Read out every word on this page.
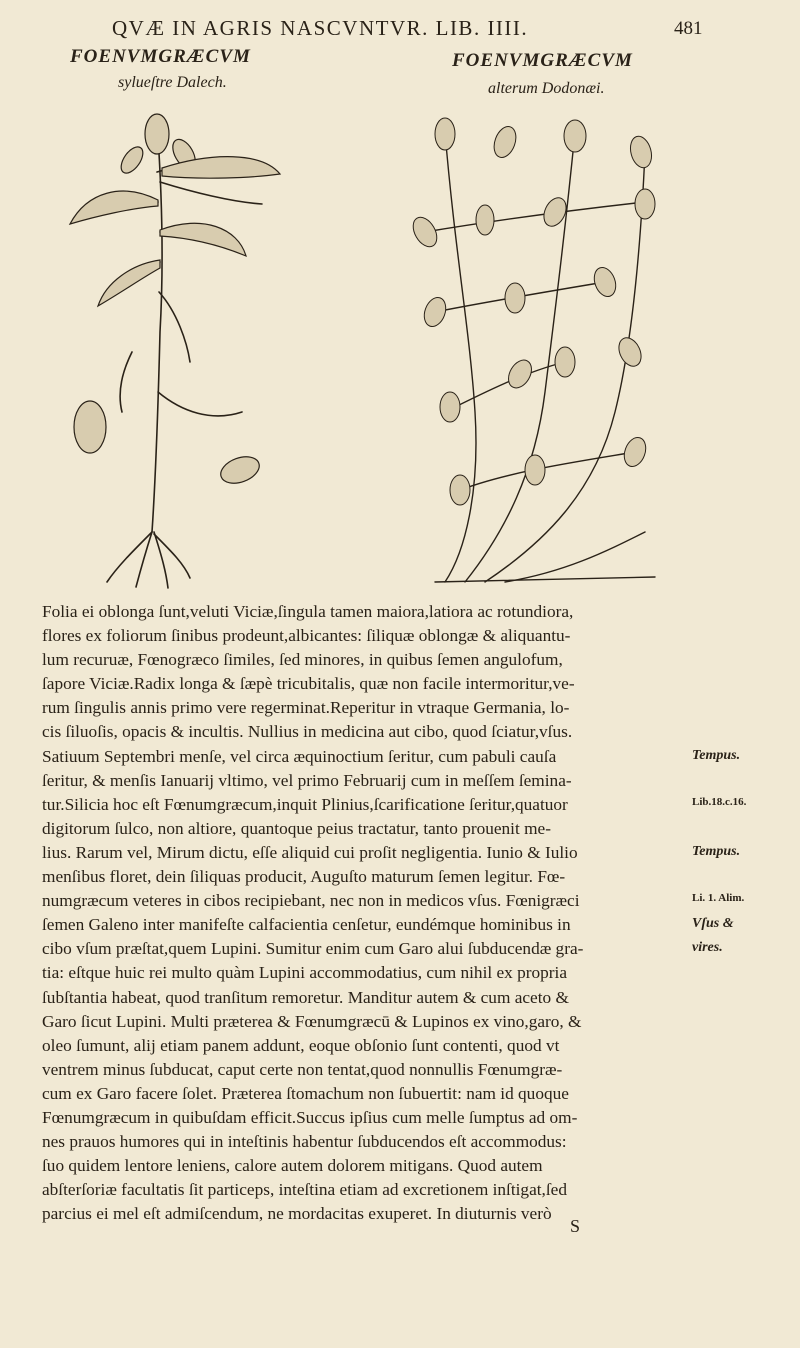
QVÆ IN AGRIS NASCVNTVR. LIB. IIII.	481
FOENVMGRÆCVM
sylueſtre Dalech.
FOENVMGRÆCVM
alterum Dodonæi.
Folia ei oblonga ſunt,veluti Viciæ,ſingula tamen maiora,latiora ac rotundiora,
flores ex foliorum ſinibus prodeunt,albicantes: ſiliquæ oblongæ & aliquantu-
lum recuruæ, Fœnogræco ſimiles, ſed minores, in quibus ſemen angulofum,
ſapore Viciæ.Radix longa & ſæpè tricubitalis, quæ non facile intermoritur,ve-
rum ſingulis annis primo vere regerminat.Reperitur in vtraque Germania, lo-
cis ſiluoſis, opacis & incultis. Nullius in medicina aut cibo, quod ſciatur,vſus.
Satiuum Septembri menſe, vel circa æquinoctium ſeritur, cum pabuli cauſa
ſeritur, & menſis Ianuarij vltimo, vel primo Februarij cum in meſſem ſemina-
tur.Silicia hoc eſt Fœnumgræcum,inquit Plinius,ſcarificatione ſeritur,quatuor
digitorum ſulco, non altiore, quantoque peius tractatur, tanto prouenit me-
lius. Rarum vel, Mirum dictu, eſſe aliquid cui proſit negligentia. Iunio & Iulio
menſibus floret, dein ſiliquas producit, Auguſto maturum ſemen legitur. Fœ-
numgræcum veteres in cibos recipiebant, nec non in medicos vſus. Fœnigræci
ſemen Galeno inter manifeſte calfacientia cenſetur, eundémque hominibus in
cibo vſum præſtat,quem Lupini. Sumitur enim cum Garo alui ſubducendæ gra-
tia: eſtque huic rei multo quàm Lupini accommodatius, cum nihil ex propria
ſubſtantia habeat, quod tranſitum remoretur. Manditur autem & cum aceto &
Garo ſicut Lupini. Multi præterea & Fœnumgræcū & Lupinos ex vino,garo, &
oleo ſumunt, alij etiam panem addunt, eoque obſonio ſunt contenti, quod vt
ventrem minus ſubducat, caput certe non tentat,quod nonnullis Fœnumgræ-
cum ex Garo facere ſolet. Præterea ſtomachum non ſubuertit: nam id quoque
Fœnumgræcum in quibuſdam efficit.Succus ipſius cum melle ſumptus ad om-
nes prauos humores qui in inteſtinis habentur ſubducendos eſt accommodus:
ſuo quidem lentore leniens, calore autem dolorem mitigans. Quod autem
abſterſoriæ facultatis ſit particeps, inteſtina etiam ad excretionem inſtigat,ſed
parcius ei mel eſt admiſcendum, ne mordacitas exuperet. In diuturnis verò
Tempus.
Lib.18.c.16.
Tempus.
Li. 1. Alim.
Vſus &
vires.
S
